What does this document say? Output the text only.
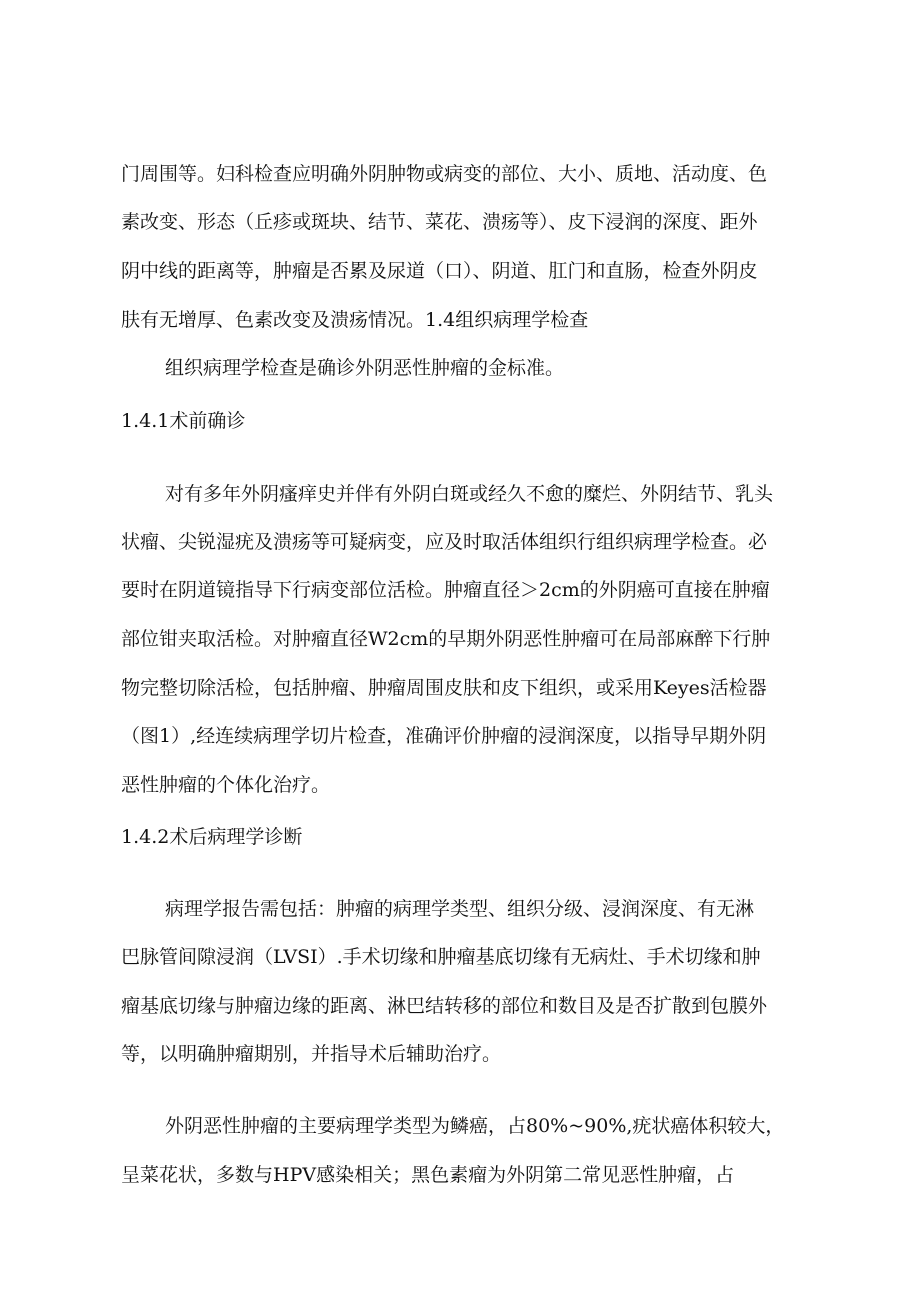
门周围等。妇科检查应明确外阴肿物或病变的部位、大小、质地、活动度、色

素改变、形态（丘疹或斑块、结节、菜花、溃疡等）、皮下浸润的深度、距外

阴中线的距离等，肿瘤是否累及尿道（口）、阴道、肛门和直肠，检查外阴皮

肤有无增厚、色素改变及溃疡情况。1.4组织病理学检查

组织病理学检查是确诊外阴恶性肿瘤的金标准。

1.4.1术前确诊

对有多年外阴瘙痒史并伴有外阴白斑或经久不愈的糜烂、外阴结节、乳头

状瘤、尖锐湿疣及溃疡等可疑病变，应及时取活体组织行组织病理学检查。必

要时在阴道镜指导下行病变部位活检。肿瘤直径＞2cm的外阴癌可直接在肿瘤

部位钳夹取活检。对肿瘤直径W2cm的早期外阴恶性肿瘤可在局部麻醉下行肿

物完整切除活检，包括肿瘤、肿瘤周围皮肤和皮下组织，或采用Keyes活检器

（图1）,经连续病理学切片检查，准确评价肿瘤的浸润深度，以指导早期外阴

恶性肿瘤的个体化治疗。

1.4.2术后病理学诊断

病理学报告需包括：肿瘤的病理学类型、组织分级、浸润深度、有无淋

巴脉管间隙浸润（LVSI）.手术切缘和肿瘤基底切缘有无病灶、手术切缘和肿

瘤基底切缘与肿瘤边缘的距离、淋巴结转移的部位和数目及是否扩散到包膜外

等，以明确肿瘤期别，并指导术后辅助治疗。

外阴恶性肿瘤的主要病理学类型为鳞癌，占80%~90%,疣状癌体积较大，

呈菜花状，多数与HPV感染相关；黑色素瘤为外阴第二常见恶性肿瘤，占
